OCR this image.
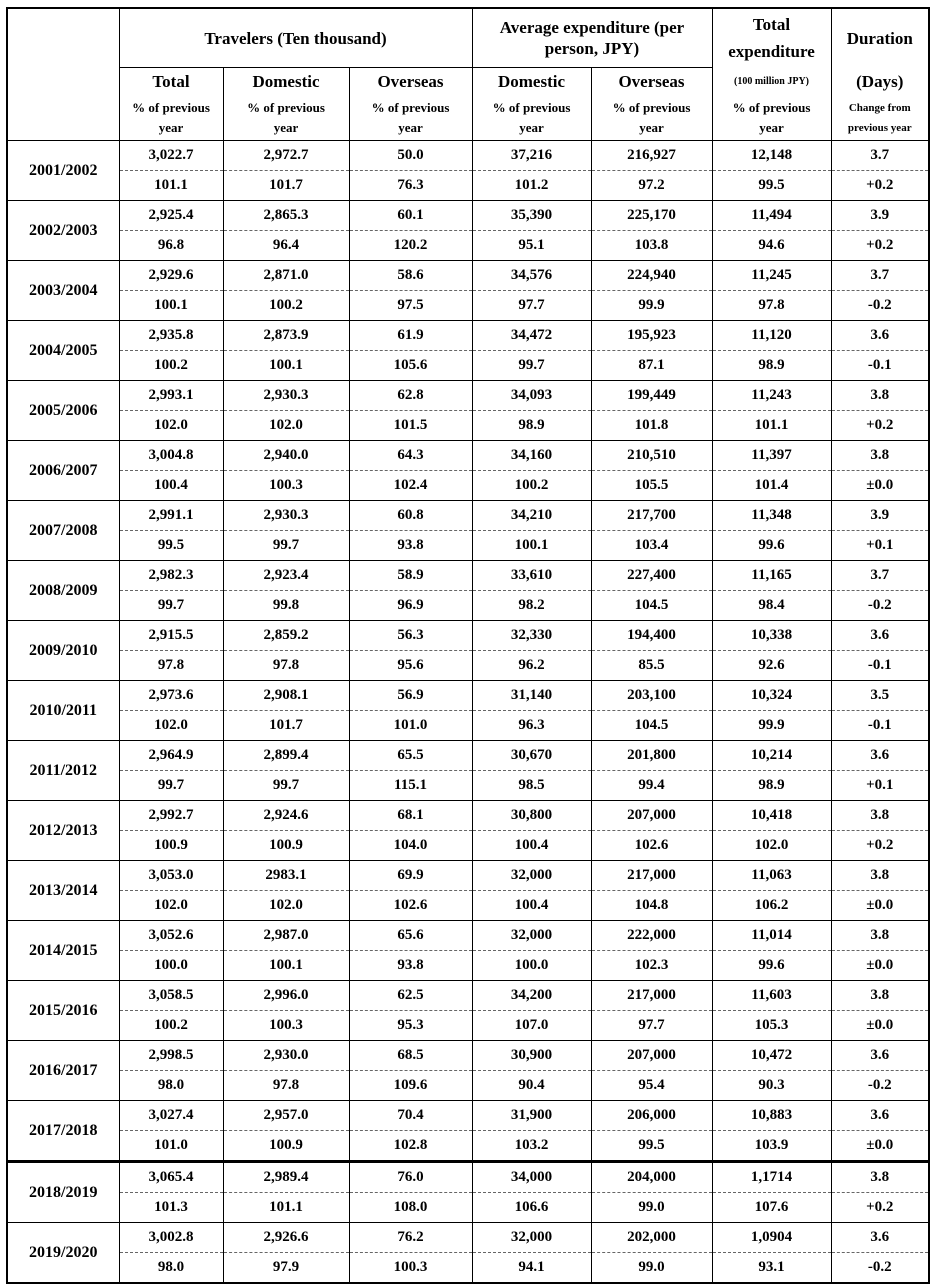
	Travelers (Ten thousand)			Average expenditure (per person, JPY)		Total expenditure	Duration
	Total	Domestic	Overseas	Domestic	Overseas	(100 million JPY)	(Days)
	% of previous year	% of previous year	% of previous year	% of previous year	% of previous year	% of previous year	Change from previous year
2001/2002	3,022.7	2,972.7	50.0	37,216	216,927	12,148	3.7
	101.1	101.7	76.3	101.2	97.2	99.5	+0.2
2002/2003	2,925.4	2,865.3	60.1	35,390	225,170	11,494	3.9
	96.8	96.4	120.2	95.1	103.8	94.6	+0.2
2003/2004	2,929.6	2,871.0	58.6	34,576	224,940	11,245	3.7
	100.1	100.2	97.5	97.7	99.9	97.8	-0.2
2004/2005	2,935.8	2,873.9	61.9	34,472	195,923	11,120	3.6
	100.2	100.1	105.6	99.7	87.1	98.9	-0.1
2005/2006	2,993.1	2,930.3	62.8	34,093	199,449	11,243	3.8
	102.0	102.0	101.5	98.9	101.8	101.1	+0.2
2006/2007	3,004.8	2,940.0	64.3	34,160	210,510	11,397	3.8
	100.4	100.3	102.4	100.2	105.5	101.4	±0.0
2007/2008	2,991.1	2,930.3	60.8	34,210	217,700	11,348	3.9
	99.5	99.7	93.8	100.1	103.4	99.6	+0.1
2008/2009	2,982.3	2,923.4	58.9	33,610	227,400	11,165	3.7
	99.7	99.8	96.9	98.2	104.5	98.4	-0.2
2009/2010	2,915.5	2,859.2	56.3	32,330	194,400	10,338	3.6
	97.8	97.8	95.6	96.2	85.5	92.6	-0.1
2010/2011	2,973.6	2,908.1	56.9	31,140	203,100	10,324	3.5
	102.0	101.7	101.0	96.3	104.5	99.9	-0.1
2011/2012	2,964.9	2,899.4	65.5	30,670	201,800	10,214	3.6
	99.7	99.7	115.1	98.5	99.4	98.9	+0.1
2012/2013	2,992.7	2,924.6	68.1	30,800	207,000	10,418	3.8
	100.9	100.9	104.0	100.4	102.6	102.0	+0.2
2013/2014	3,053.0	2983.1	69.9	32,000	217,000	11,063	3.8
	102.0	102.0	102.6	100.4	104.8	106.2	±0.0
2014/2015	3,052.6	2,987.0	65.6	32,000	222,000	11,014	3.8
	100.0	100.1	93.8	100.0	102.3	99.6	±0.0
2015/2016	3,058.5	2,996.0	62.5	34,200	217,000	11,603	3.8
	100.2	100.3	95.3	107.0	97.7	105.3	±0.0
2016/2017	2,998.5	2,930.0	68.5	30,900	207,000	10,472	3.6
	98.0	97.8	109.6	90.4	95.4	90.3	-0.2
2017/2018	3,027.4	2,957.0	70.4	31,900	206,000	10,883	3.6
	101.0	100.9	102.8	103.2	99.5	103.9	±0.0
2018/2019	3,065.4	2,989.4	76.0	34,000	204,000	1,1714	3.8
	101.3	101.1	108.0	106.6	99.0	107.6	+0.2
2019/2020	3,002.8	2,926.6	76.2	32,000	202,000	1,0904	3.6
	98.0	97.9	100.3	94.1	99.0	93.1	-0.2
